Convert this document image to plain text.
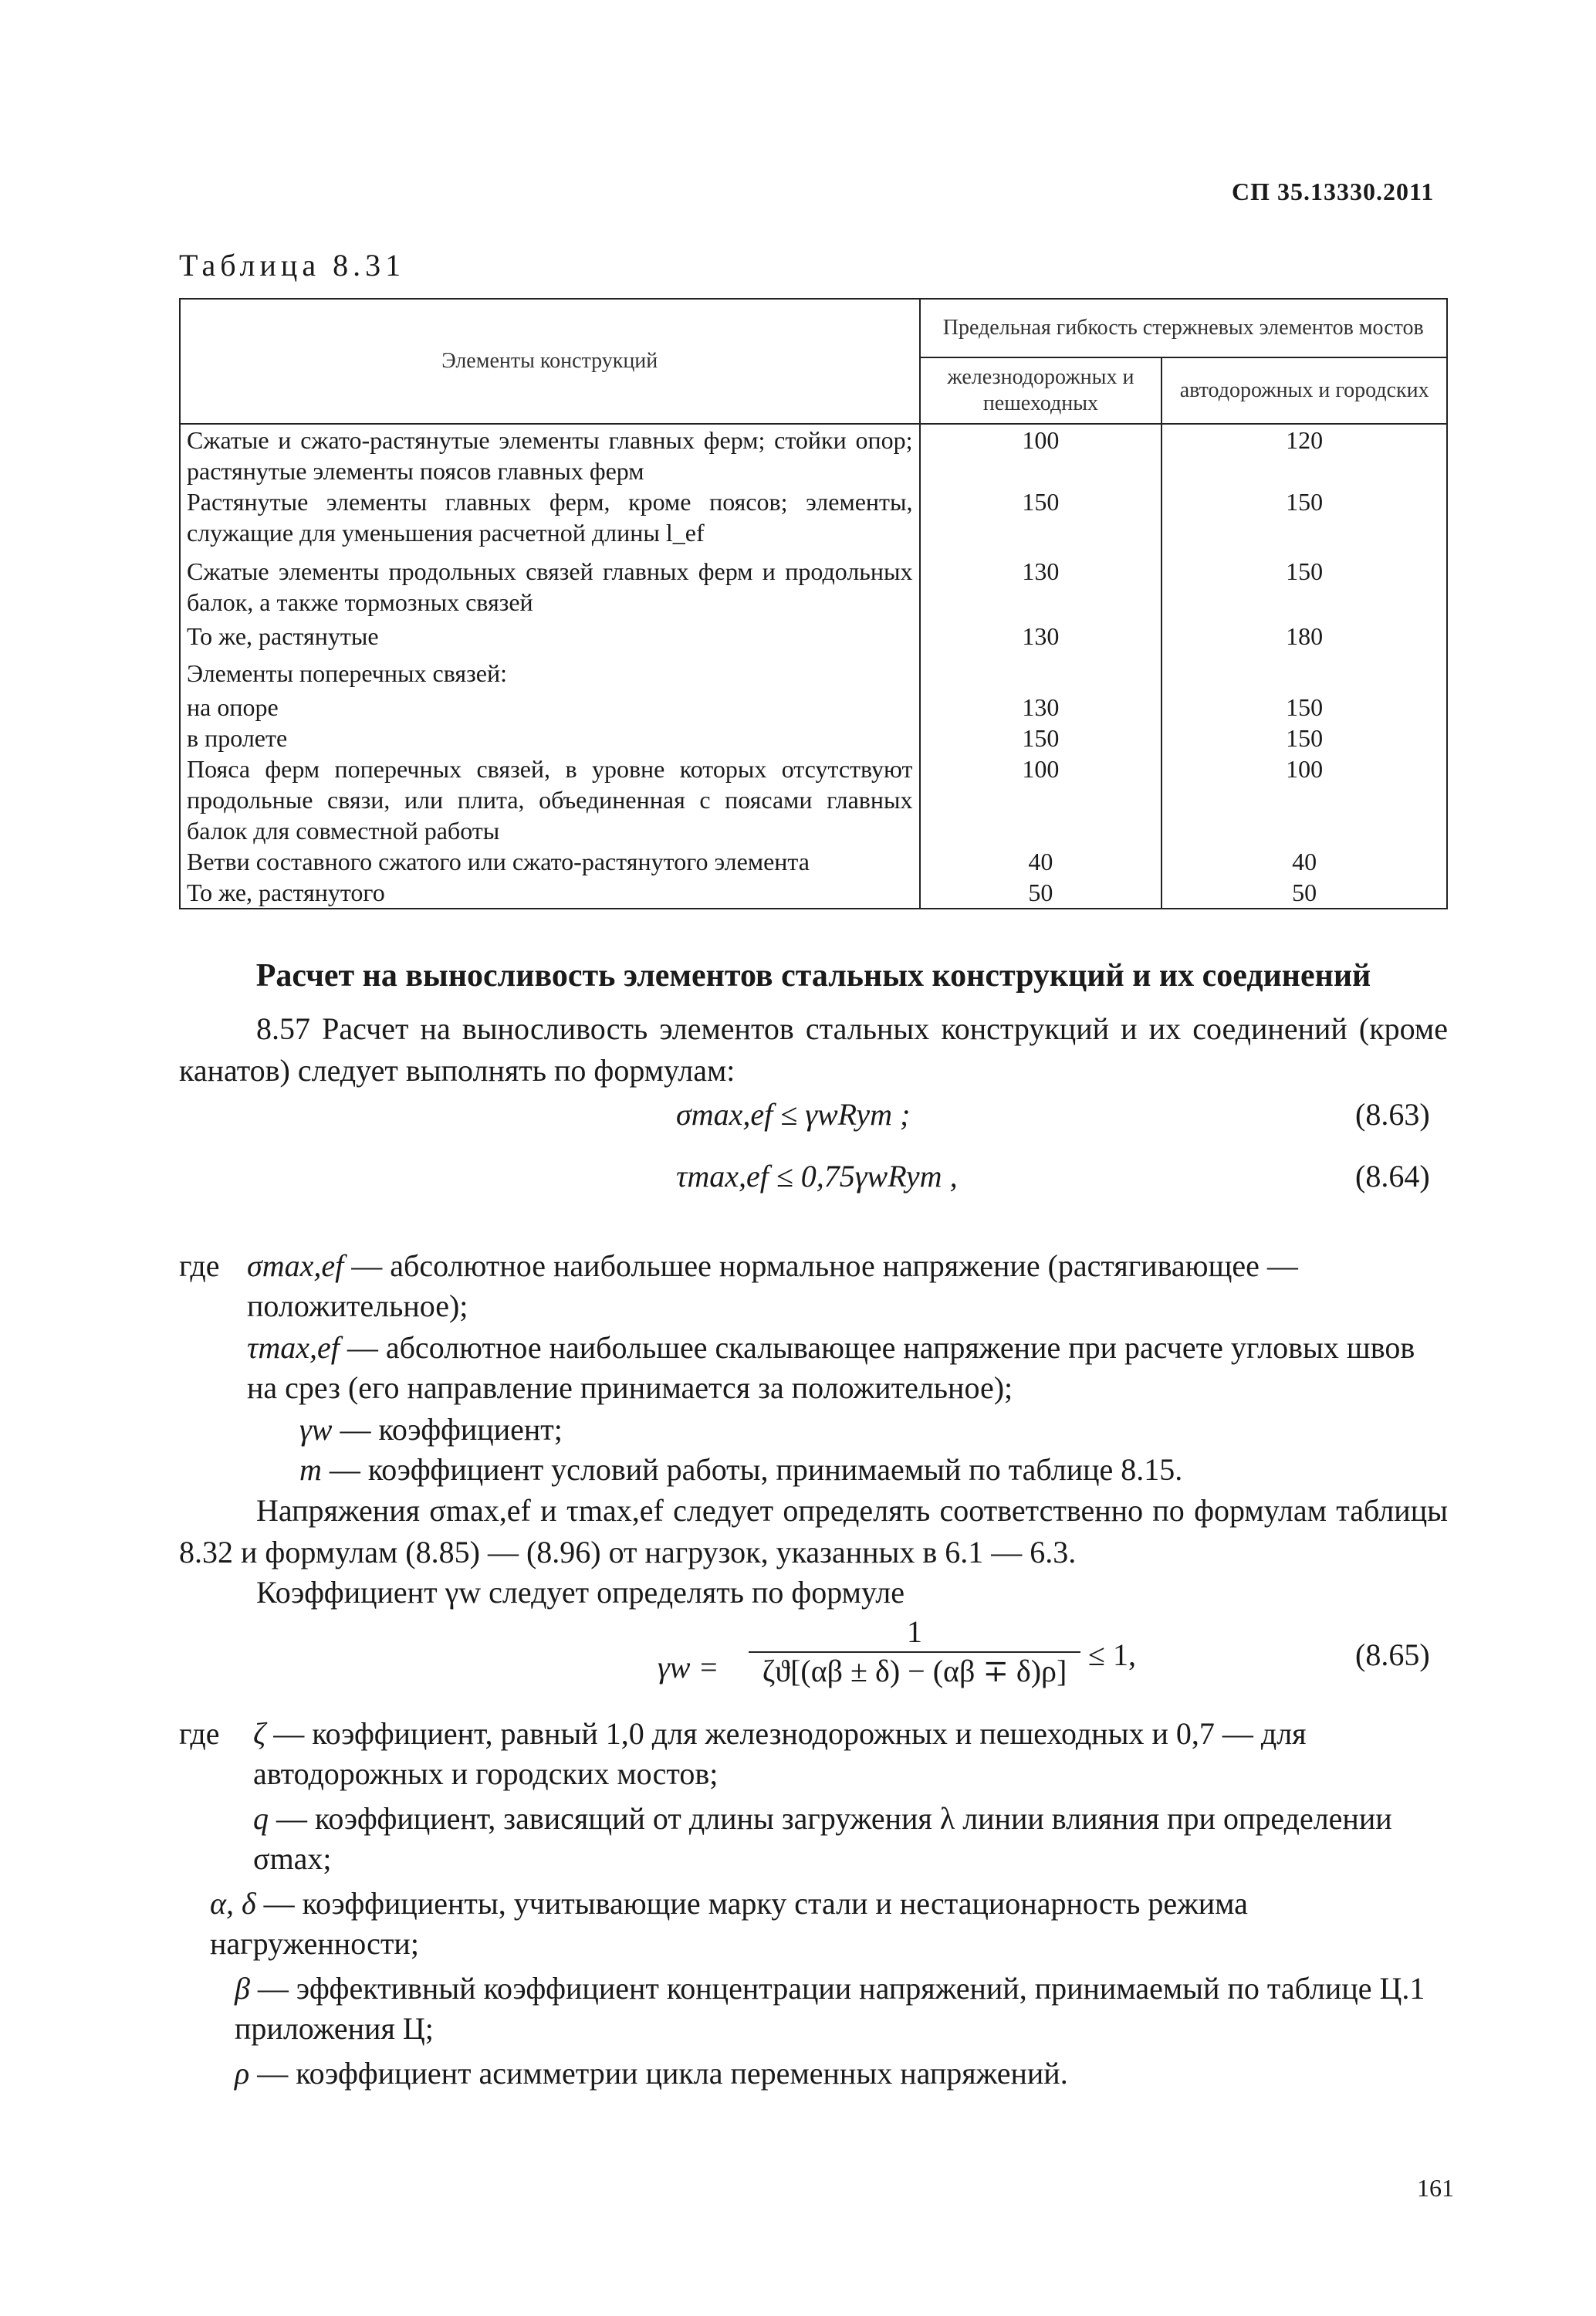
СП 35.13330.2011
Таблица 8.31
Элементы конструкций	Предельная гибкость стержневых элементов мостов	
	железнодорожных и пешеходных	автодорожных и городских
Сжатые и сжато-растянутые элементы главных ферм; стойки опор; растянутые элементы поясов главных ферм	100	120
Растянутые элементы главных ферм, кроме поясов; элементы, служащие для уменьшения расчетной длины l_ef	150	150
Сжатые элементы продольных связей главных ферм и продольных балок, а также тормозных связей	130	150
То же, растянутые	130	180
Элементы поперечных связей:		
на опоре	130	150
в пролете	150	150
Пояса ферм поперечных связей, в уровне которых отсутствуют продольные связи, или плита, объединенная с поясами главных балок для совместной работы	100	100
Ветви составного сжатого или сжато-растянутого элемента	40	40
То же, растянутого	50	50
Расчет на выносливость элементов стальных конструкций и их соединений
8.57 Расчет на выносливость элементов стальных конструкций и их соединений (кроме канатов) следует выполнять по формулам:
σmax,ef ≤ γwRym ;	(8.63)
τmax,ef ≤ 0,75γwRym ,	(8.64)
где σmax,ef — абсолютное наибольшее нормальное напряжение (растягивающее — положительное);
τmax,ef — абсолютное наибольшее скалывающее напряжение при расчете угловых швов на срез (его направление принимается за положительное);
γw — коэффициент;
m — коэффициент условий работы, принимаемый по таблице 8.15.
Напряжения σmax,ef и τmax,ef следует определять соответственно по формулам таблицы 8.32 и формулам (8.85) — (8.96) от нагрузок, указанных в 6.1 — 6.3.
Коэффициент γw следует определять по формуле
γw =
1
ζϑ[(αβ ± δ) − (αβ ∓ δ)ρ] ≤ 1,	(8.65)
где ζ — коэффициент, равный 1,0 для железнодорожных и пешеходных и 0,7 — для автодорожных и городских мостов;
q — коэффициент, зависящий от длины загружения λ линии влияния при определении σmax;
α, δ — коэффициенты, учитывающие марку стали и нестационарность режима нагруженности;
β — эффективный коэффициент концентрации напряжений, принимаемый по таблице Ц.1 приложения Ц;
ρ — коэффициент асимметрии цикла переменных напряжений.
161
